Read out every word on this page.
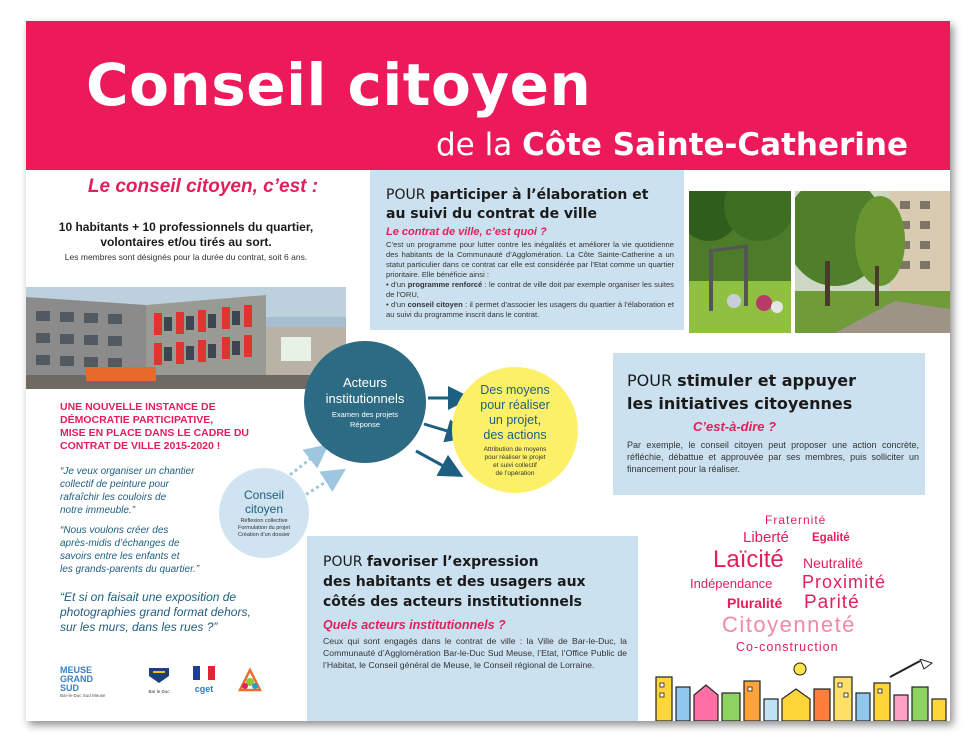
Conseil citoyen
de la Côte Sainte-Catherine
Le conseil citoyen, c’est :
10 habitants + 10 professionnels du quartier,
volontaires et/ou tirés au sort.
Les membres sont désignés pour la durée du contrat, soit 6 ans.
UNE NOUVELLE INSTANCE DE
DÉMOCRATIE PARTICIPATIVE,
MISE EN PLACE DANS LE CADRE DU
CONTRAT DE VILLE 2015-2020 !
“Je veux organiser un chantier
collectif de peinture pour
rafraîchir les couloirs de
notre immeuble.”
“Nous voulons créer des
après-midis d’échanges de
savoirs entre les enfants et
les grands-parents du quartier.”
“Et si on faisait une exposition de
photographies grand format dehors,
sur les murs, dans les rues ?”
MEUSE
GRAND
SUD
Bar-le-Duc Sud Meuse
Bar le Duc	cget
POUR participer à l’élaboration et
au suivi du contrat de ville
Le contrat de ville, c’est quoi ?
C’est un programme pour lutter contre les inégalités et améliorer la vie quotidienne des habitants de la Communauté d’Agglomération. La Côte Sainte-Catherine a un statut particulier dans ce contrat car elle est considérée par l’Etat comme un quartier prioritaire. Elle bénéficie ainsi :
• d’un programme renforcé : le contrat de ville doit par exemple organiser les suites de l’ORU,
• d’un conseil citoyen : il permet d’associer les usagers du quartier à l’élaboration et au suivi du programme inscrit dans le contrat.
POUR stimuler et appuyer
les initiatives citoyennes
C’est-à-dire ?
Par exemple, le conseil citoyen peut proposer une action concrète, réfléchie, débattue et approuvée par ses membres, puis solliciter un financement pour la réaliser.
Acteurs
institutionnels
Examen des projets
Réponse
Des moyens
pour réaliser
un projet,
des actions
Attribution de moyens
pour réaliser le projet
et suivi collectif
de l’opération
Conseil
citoyen
Réflexion collective
Formulation du projet
Création d’un dossier
POUR favoriser l’expression
des habitants et des usagers aux
côtés des acteurs institutionnels
Quels acteurs institutionnels ?
Ceux qui sont engagés dans le contrat de ville : la Ville de Bar-le-Duc, la Communauté d’Agglomération Bar-le-Duc Sud Meuse, l’Etat, l’Office Public de l’Habitat, le Conseil général de Meuse, le Conseil régional de Lorraine.
Fraternité
Liberté Egalité
Laïcité Neutralité
Indépendance Proximité
Pluralité Parité
Citoyenneté
Co-construction
